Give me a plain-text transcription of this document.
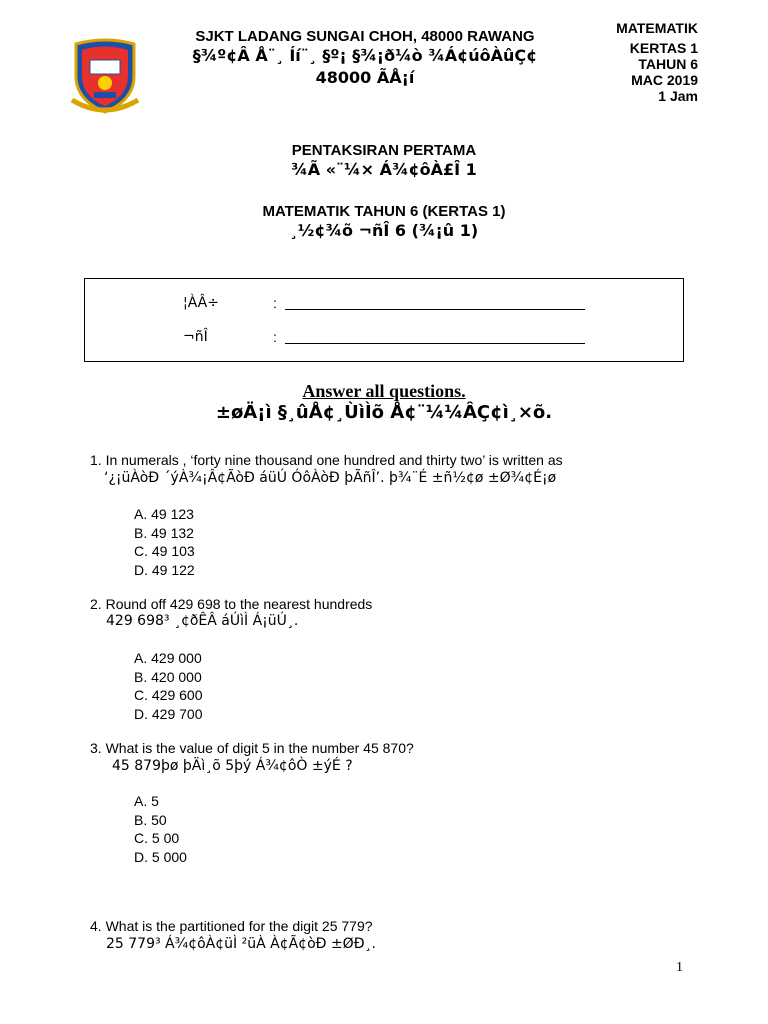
SJKT LADANG SUNGAI CHOH, 48000 RAWANG
§¾º¢Â Å¨¸ Íí¨¸ §º¡ §¾¡ð¼ò ¾Á¢úôÀûÇ¢
48000 ÃÅ¡í
MATEMATIK
KERTAS 1
TAHUN 6
MAC 2019
1 Jam
PENTAKSIRAN PERTAMA
¾Ã «¨¼× Á¾¢ôÀ£Î 1
MATEMATIK TAHUN 6 (KERTAS 1)
¸½¢¾õ ¬ñÎ 6 (¾¡û 1)
¦ÀÂ÷	:
¬ñÎ	:
Answer all questions.
±øÄ¡ì §¸ûÅ¢¸ÙìÌõ Å¢¨¼¼ÂÇ¢ì¸×õ.
1. In numerals , ‘forty nine thousand one hundred and thirty two’ is written as
‘¿¡üÀòÐ ´ýÀ¾¡Â¢ÃòÐ áüÚ ÓôÀòÐ þÃñÎ’. þ¾¨É ±ñ½¢ø ±Ø¾¢É¡ø
A. 49 123
B. 49 132
C. 49 103
D. 49 122
2. Round off 429 698 to the nearest hundreds
429 698³ ¸¢ðÊÂ áÚìÌ Á¡üÚ¸.
A. 429 000
B. 420 000
C. 429 600
D. 429 700
3. What is the value of digit 5 in the number 45 870?
45 879þø þÄì¸õ 5þý Á¾¢ôÒ ±ýÉ ?
A. 5
B. 50
C. 5 00
D. 5 000
4. What is the partitioned for the digit 25 779?
25 779³ Á¾¢ôÀ¢üÌ ²üÀ À¢Ã¢òÐ ±ØÐ¸.
1
